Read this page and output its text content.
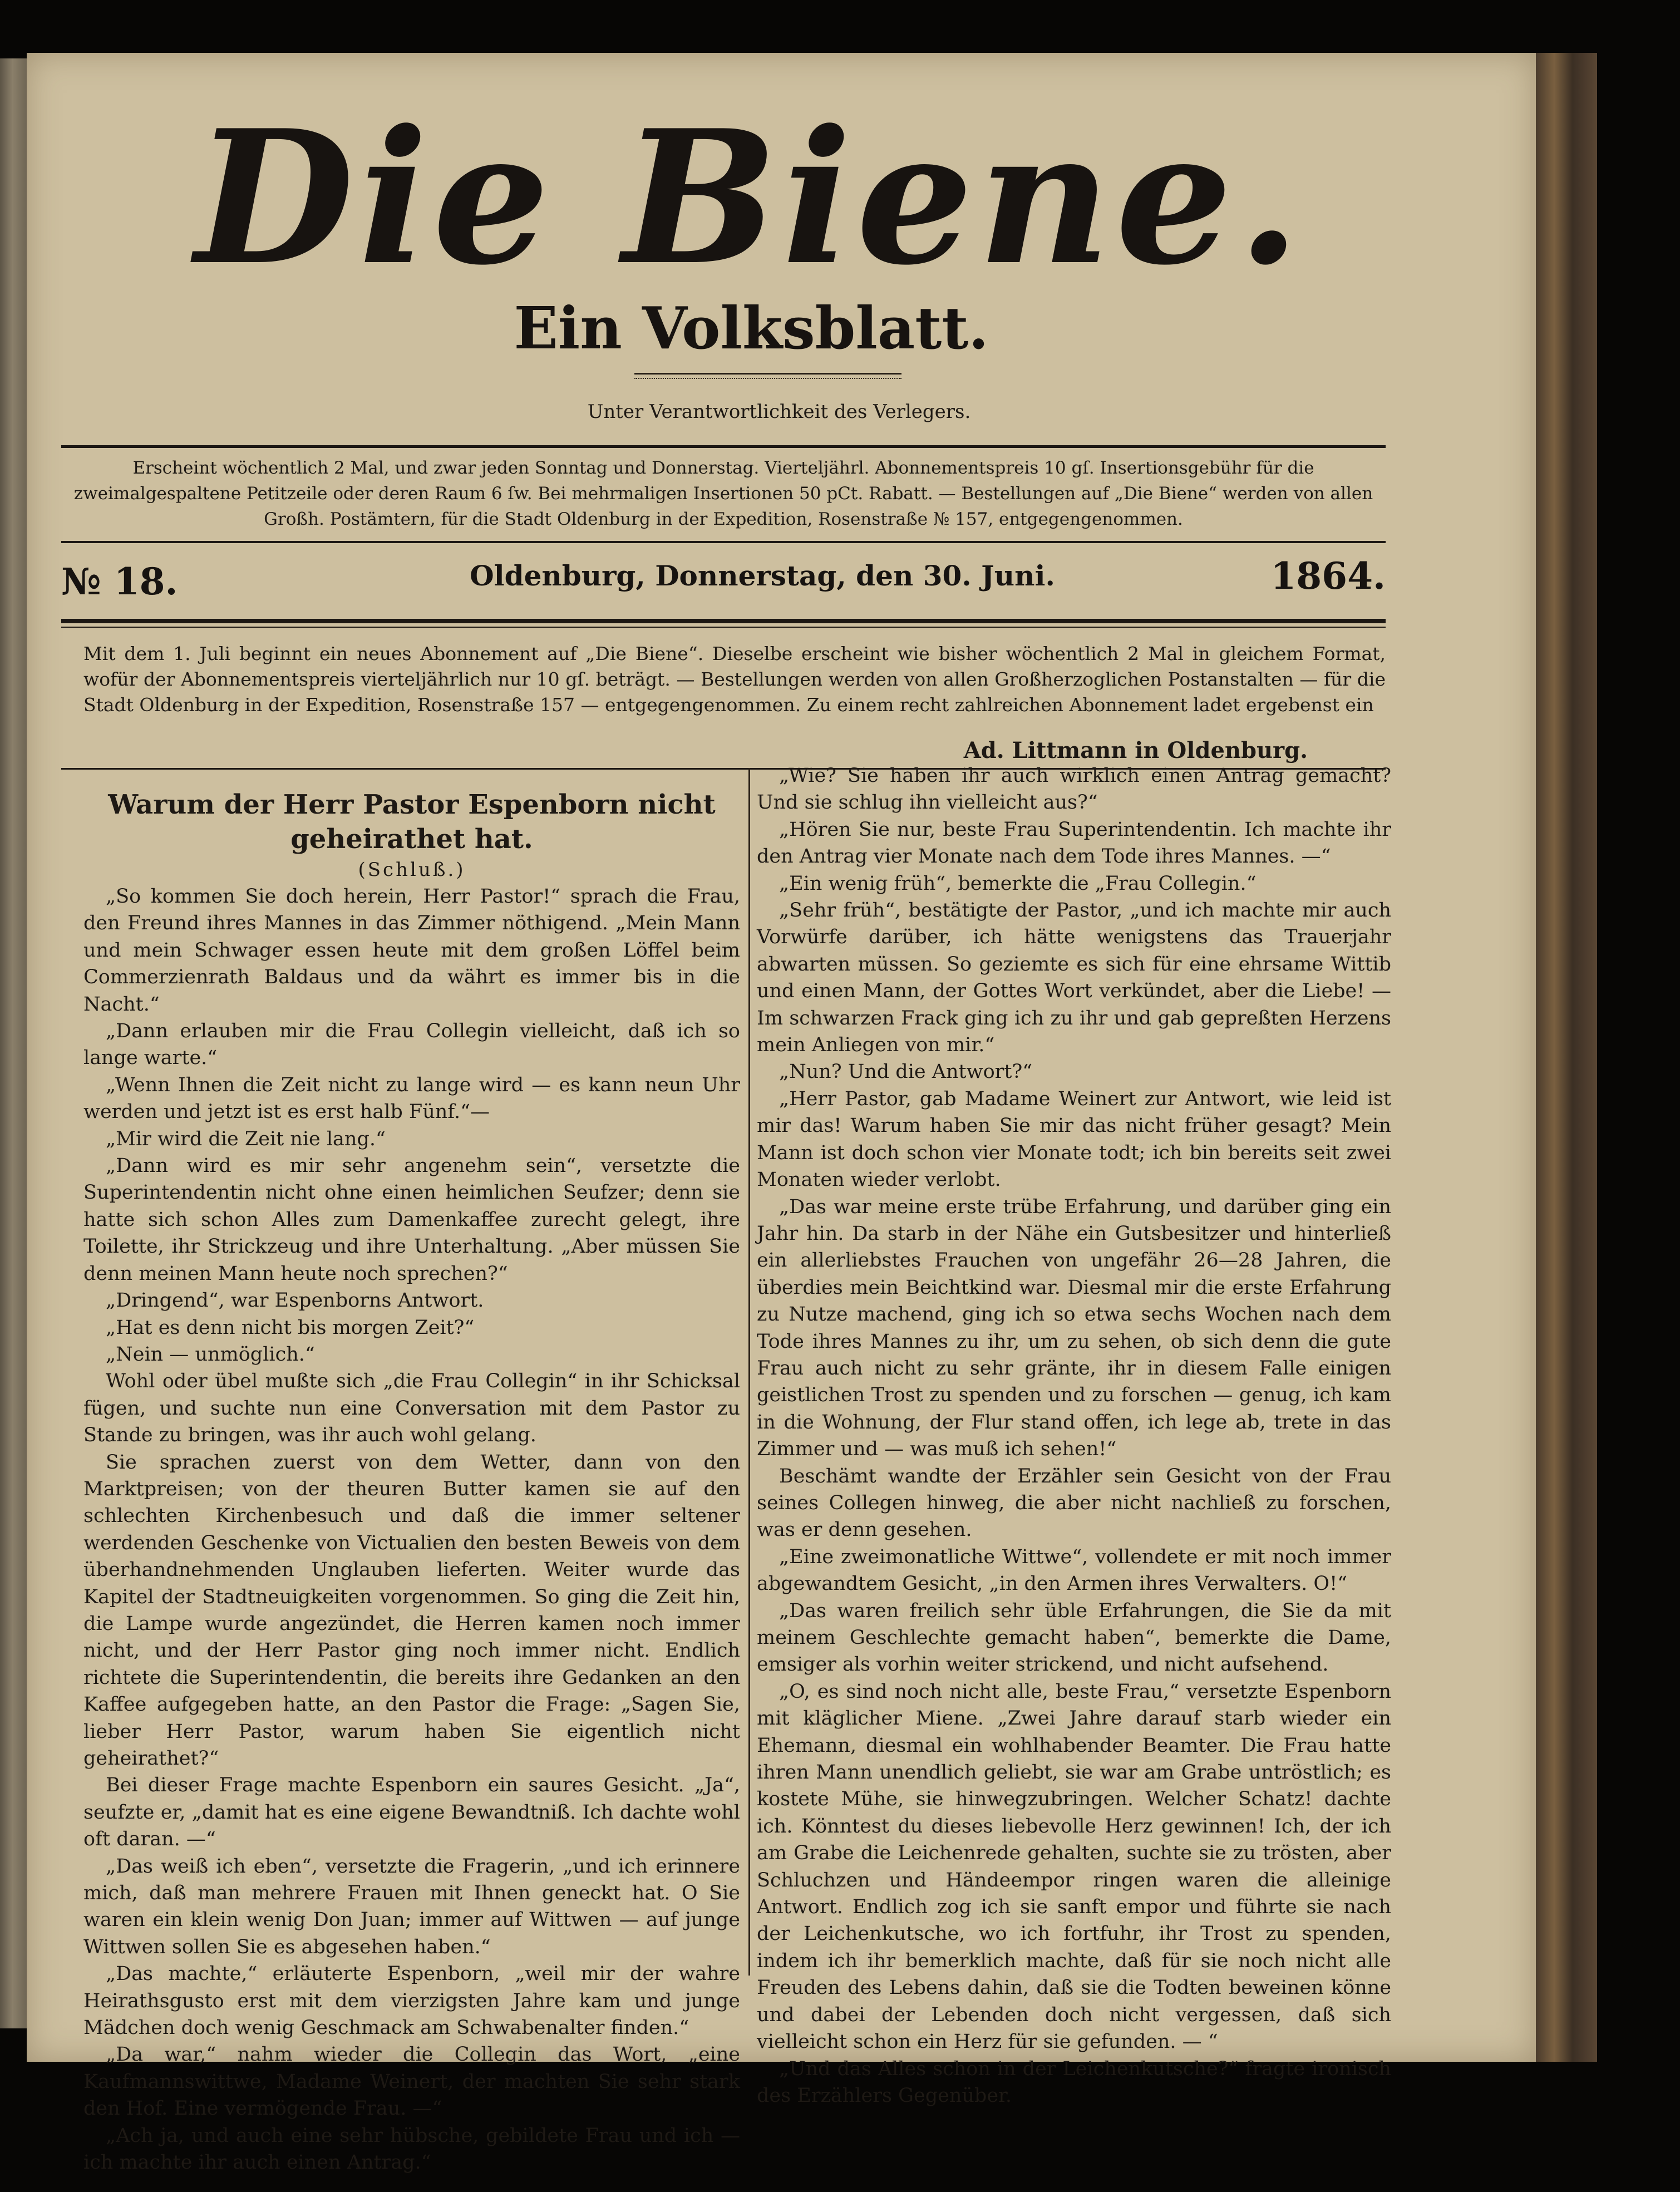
Die Biene.
Ein Volksblatt.
Unter Verantwortlichkeit des Verlegers.
Erscheint wöchentlich 2 Mal, und zwar jeden Sonntag und Donnerstag. Vierteljährl. Abonnementspreis 10 gſ. Insertionsgebühr für die zweimalgespaltene Petitzeile oder deren Raum 6 ſw. Bei mehrmaligen Insertionen 50 pCt. Rabatt. — Bestellungen auf „Die Biene“ werden von allen Großh. Postämtern, für die Stadt Oldenburg in der Expedition, Rosenstraße № 157, entgegengenommen.
№ 18.	Oldenburg, Donnerstag, den 30. Juni.	1864.
Mit dem 1. Juli beginnt ein neues Abonnement auf „Die Biene“. Dieselbe erscheint wie bisher wöchentlich 2 Mal in gleichem Format, wofür der Abonnementspreis vierteljährlich nur 10 gſ. beträgt. — Bestellungen werden von allen Großherzoglichen Postanstalten — für die Stadt Oldenburg in der Expedition, Rosenstraße 157 — entgegengenommen. Zu einem recht zahlreichen Abonnement ladet ergebenst ein
Ad. Littmann in Oldenburg.
Warum der Herr Pastor Espenborn nicht geheirathet hat.
(Schluß.)

„So kommen Sie doch herein, Herr Pastor!“ sprach die Frau, den Freund ihres Mannes in das Zimmer nöthigend. „Mein Mann und mein Schwager essen heute mit dem großen Löffel beim Commerzienrath Baldaus und da währt es immer bis in die Nacht.“

„Dann erlauben mir die Frau Collegin vielleicht, daß ich so lange warte.“

„Wenn Ihnen die Zeit nicht zu lange wird — es kann neun Uhr werden und jetzt ist es erst halb Fünf.“—

„Mir wird die Zeit nie lang.“

„Dann wird es mir sehr angenehm sein“, versetzte die Superintendentin nicht ohne einen heimlichen Seufzer; denn sie hatte sich schon Alles zum Damenkaffee zurecht gelegt, ihre Toilette, ihr Strickzeug und ihre Unterhaltung. „Aber müssen Sie denn meinen Mann heute noch sprechen?“

„Dringend“, war Espenborns Antwort.

„Hat es denn nicht bis morgen Zeit?“

„Nein — unmöglich.“

Wohl oder übel mußte sich „die Frau Collegin“ in ihr Schicksal fügen, und suchte nun eine Conversation mit dem Pastor zu Stande zu bringen, was ihr auch wohl gelang.

Sie sprachen zuerst von dem Wetter, dann von den Marktpreisen; von der theuren Butter kamen sie auf den schlechten Kirchenbesuch und daß die immer seltener werdenden Geschenke von Victualien den besten Beweis von dem überhandnehmenden Unglauben lieferten. Weiter wurde das Kapitel der Stadtneuigkeiten vorgenommen. So ging die Zeit hin, die Lampe wurde angezündet, die Herren kamen noch immer nicht, und der Herr Pastor ging noch immer nicht. Endlich richtete die Superintendentin, die bereits ihre Gedanken an den Kaffee aufgegeben hatte, an den Pastor die Frage: „Sagen Sie, lieber Herr Pastor, warum haben Sie eigentlich nicht geheirathet?“

Bei dieser Frage machte Espenborn ein saures Gesicht. „Ja“, seufzte er, „damit hat es eine eigene Bewandtniß. Ich dachte wohl oft daran. —“

„Das weiß ich eben“, versetzte die Fragerin, „und ich erinnere mich, daß man mehrere Frauen mit Ihnen geneckt hat. O Sie waren ein klein wenig Don Juan; immer auf Wittwen — auf junge Wittwen sollen Sie es abgesehen haben.“

„Das machte,“ erläuterte Espenborn, „weil mir der wahre Heirathsgusto erst mit dem vierzigsten Jahre kam und junge Mädchen doch wenig Geschmack am Schwabenalter finden.“

„Da war,“ nahm wieder die Collegin das Wort, „eine Kaufmannswittwe, Madame Weinert, der machten Sie sehr stark den Hof. Eine vermögende Frau. —“

„Ach ja, und auch eine sehr hübsche, gebildete Frau und ich — ich machte ihr auch einen Antrag.“

„Wie? Sie haben ihr auch wirklich einen Antrag gemacht? Und sie schlug ihn vielleicht aus?“

„Hören Sie nur, beste Frau Superintendentin. Ich machte ihr den Antrag vier Monate nach dem Tode ihres Mannes. —“

„Ein wenig früh“, bemerkte die „Frau Collegin.“

„Sehr früh“, bestätigte der Pastor, „und ich machte mir auch Vorwürfe darüber, ich hätte wenigstens das Trauerjahr abwarten müssen. So geziemte es sich für eine ehrsame Wittib und einen Mann, der Gottes Wort verkündet, aber die Liebe! — Im schwarzen Frack ging ich zu ihr und gab gepreßten Herzens mein Anliegen von mir.“

„Nun? Und die Antwort?“

„Herr Pastor, gab Madame Weinert zur Antwort, wie leid ist mir das! Warum haben Sie mir das nicht früher gesagt? Mein Mann ist doch schon vier Monate todt; ich bin bereits seit zwei Monaten wieder verlobt.

„Das war meine erste trübe Erfahrung, und darüber ging ein Jahr hin. Da starb in der Nähe ein Gutsbesitzer und hinterließ ein allerliebstes Frauchen von ungefähr 26—28 Jahren, die überdies mein Beichtkind war. Diesmal mir die erste Erfahrung zu Nutze machend, ging ich so etwa sechs Wochen nach dem Tode ihres Mannes zu ihr, um zu sehen, ob sich denn die gute Frau auch nicht zu sehr gränte, ihr in diesem Falle einigen geistlichen Trost zu spenden und zu forschen — genug, ich kam in die Wohnung, der Flur stand offen, ich lege ab, trete in das Zimmer und — was muß ich sehen!“

Beschämt wandte der Erzähler sein Gesicht von der Frau seines Collegen hinweg, die aber nicht nachließ zu forschen, was er denn gesehen.

„Eine zweimonatliche Wittwe“, vollendete er mit noch immer abgewandtem Gesicht, „in den Armen ihres Verwalters. O!“

„Das waren freilich sehr üble Erfahrungen, die Sie da mit meinem Geschlechte gemacht haben“, bemerkte die Dame, emsiger als vorhin weiter strickend, und nicht aufsehend.

„O, es sind noch nicht alle, beste Frau,“ versetzte Espenborn mit kläglicher Miene. „Zwei Jahre darauf starb wieder ein Ehemann, diesmal ein wohlhabender Beamter. Die Frau hatte ihren Mann unendlich geliebt, sie war am Grabe untröstlich; es kostete Mühe, sie hinwegzubringen. Welcher Schatz! dachte ich. Könntest du dieses liebevolle Herz gewinnen! Ich, der ich am Grabe die Leichenrede gehalten, suchte sie zu trösten, aber Schluchzen und Händeempor ringen waren die alleinige Antwort. Endlich zog ich sie sanft empor und führte sie nach der Leichenkutsche, wo ich fortfuhr, ihr Trost zu spenden, indem ich ihr bemerklich machte, daß für sie noch nicht alle Freuden des Lebens dahin, daß sie die Todten beweinen könne und dabei der Lebenden doch nicht vergessen, daß sich vielleicht schon ein Herz für sie gefunden. — “

„Und das Alles schon in der Leichenkutsche?“ fragte ironisch des Erzählers Gegenüber.
